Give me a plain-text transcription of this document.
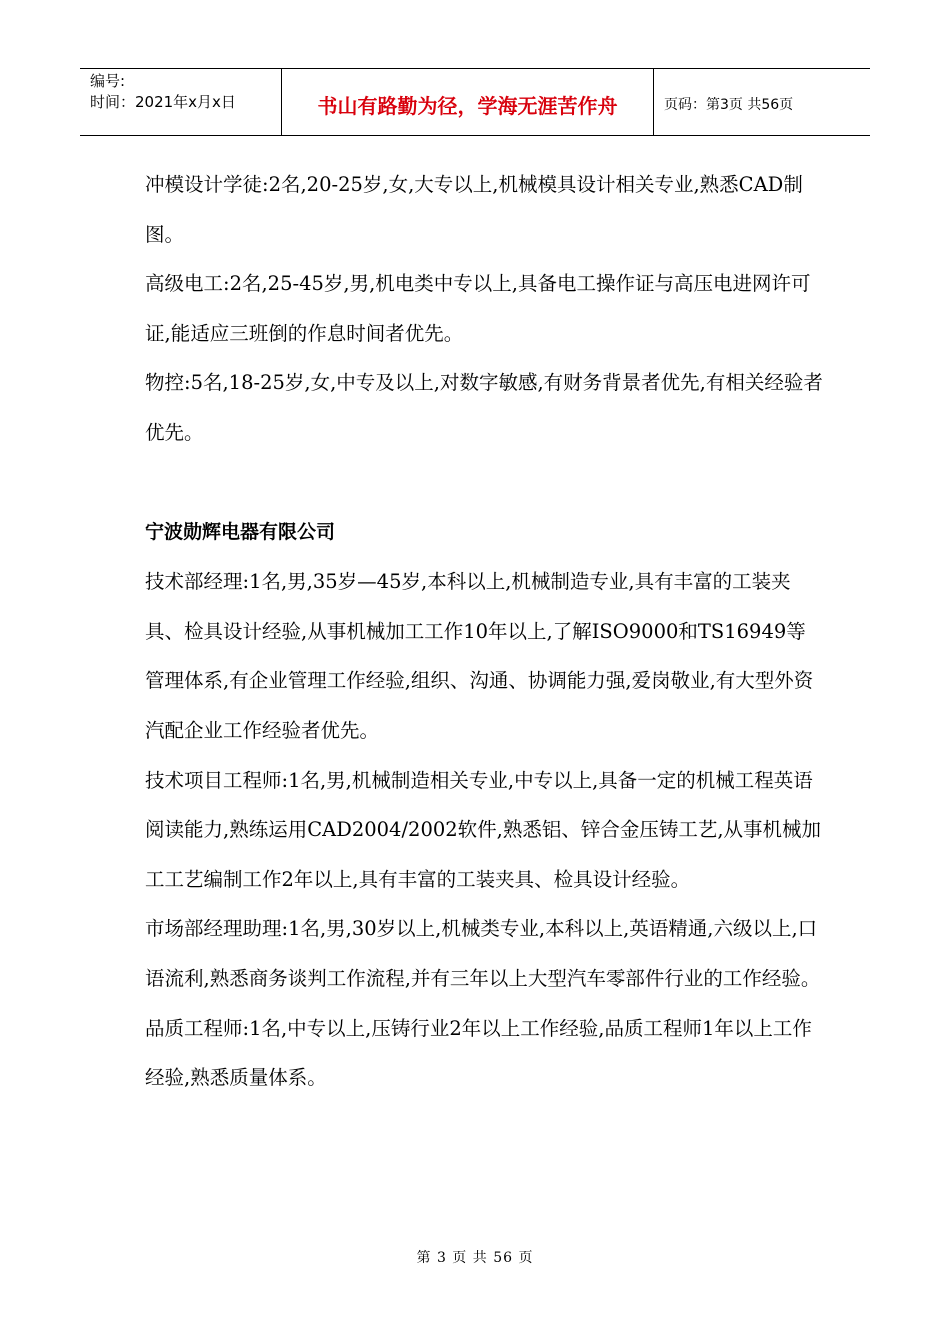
编号:
时间：2021年x月x日	书山有路勤为径，学海无涯苦作舟	页码：第3页 共56页

冲模设计学徒:2名,20-25岁,女,大专以上,机械模具设计相关专业,熟悉CAD制图。

高级电工:2名,25-45岁,男,机电类中专以上,具备电工操作证与高压电进网许可证,能适应三班倒的作息时间者优先。

物控:5名,18-25岁,女,中专及以上,对数字敏感,有财务背景者优先,有相关经验者优先。

宁波勋辉电器有限公司

技术部经理:1名,男,35岁—45岁,本科以上,机械制造专业,具有丰富的工装夹具、检具设计经验,从事机械加工工作10年以上,了解ISO9000和TS16949等管理体系,有企业管理工作经验,组织、沟通、协调能力强,爱岗敬业,有大型外资汽配企业工作经验者优先。

技术项目工程师:1名,男,机械制造相关专业,中专以上,具备一定的机械工程英语阅读能力,熟练运用CAD2004/2002软件,熟悉铝、锌合金压铸工艺,从事机械加工工艺编制工作2年以上,具有丰富的工装夹具、检具设计经验。

市场部经理助理:1名,男,30岁以上,机械类专业,本科以上,英语精通,六级以上,口语流利,熟悉商务谈判工作流程,并有三年以上大型汽车零部件行业的工作经验。

品质工程师:1名,中专以上,压铸行业2年以上工作经验,品质工程师1年以上工作经验,熟悉质量体系。

第 3 页 共 56 页
